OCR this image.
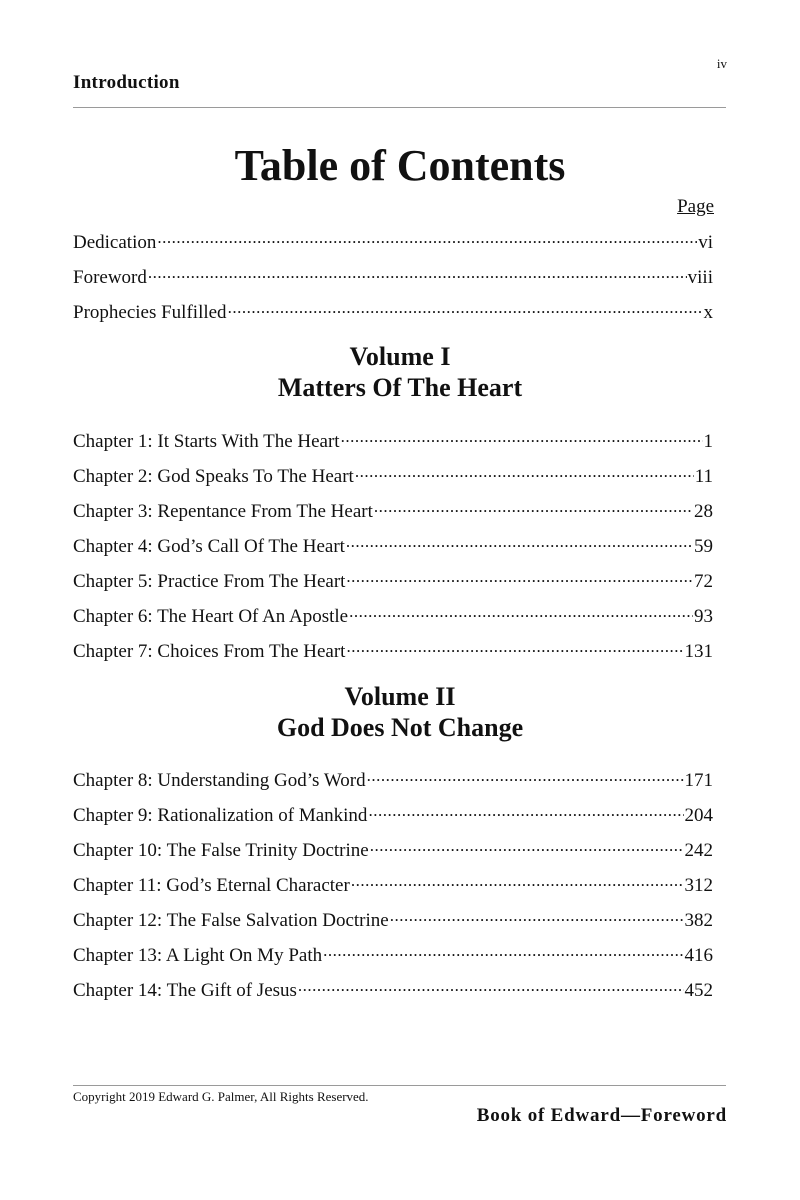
iv
Introduction
Table of Contents
Page
Dedication .....	vi
Foreword .....	viii
Prophecies Fulfilled .....	x
Volume I
Matters Of The Heart
Chapter 1: It Starts With The Heart .....	1
Chapter 2: God Speaks To The Heart .....	11
Chapter 3: Repentance From The Heart .....	28
Chapter 4: God’s Call Of The Heart .....	59
Chapter 5: Practice From The Heart .....	72
Chapter 6: The Heart Of An Apostle .....	93
Chapter 7: Choices From The Heart .....	131
Volume II
God Does Not Change
Chapter 8: Understanding God’s Word .....	171
Chapter 9: Rationalization of Mankind .....	204
Chapter 10: The False Trinity Doctrine .....	242
Chapter 11: God’s Eternal Character .....	312
Chapter 12: The False Salvation Doctrine .....	382
Chapter 13: A Light On My Path .....	416
Chapter 14: The Gift of Jesus .....	452
Copyright 2019 Edward G. Palmer, All Rights Reserved.
Book of Edward—Foreword
